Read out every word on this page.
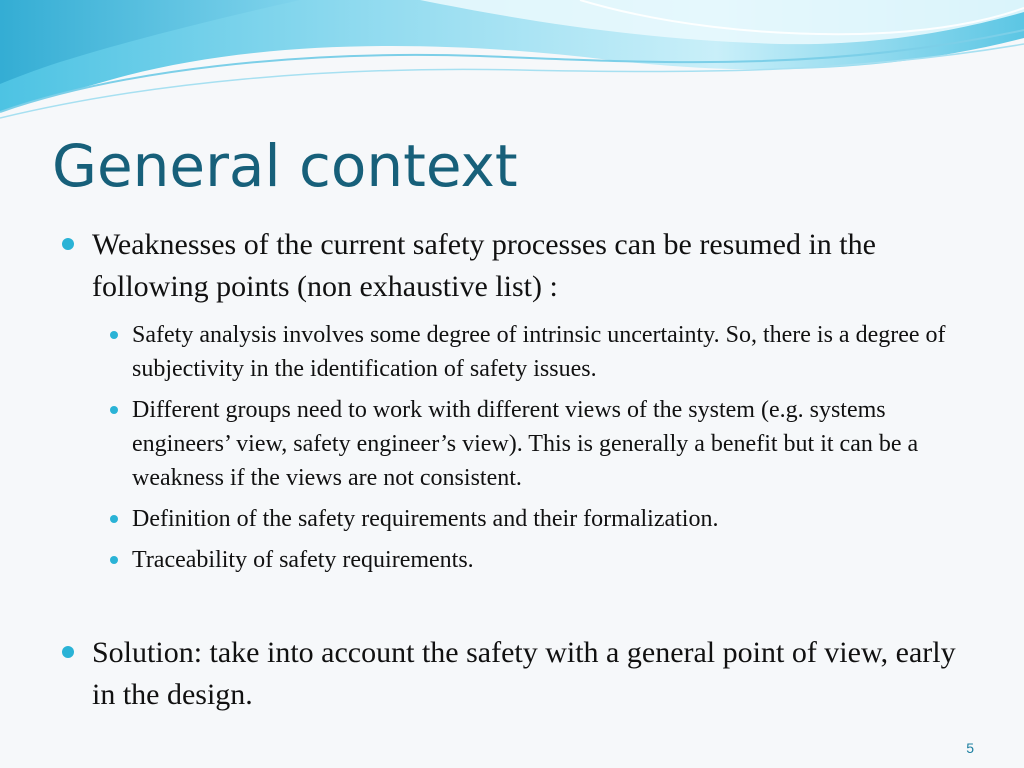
General context
Weaknesses of the current safety processes can be resumed in the following points (non exhaustive list) :
Safety analysis involves some degree of intrinsic uncertainty. So, there is a degree of subjectivity in the identification of safety issues.
Different groups need to work with different views of the system (e.g. systems engineers’ view, safety engineer’s view). This is generally a benefit but it can be a weakness if the views are not consistent.
Definition of the safety requirements and their formalization.
Traceability of safety requirements.
Solution: take into account the safety with a general point of view, early in the design.
5
